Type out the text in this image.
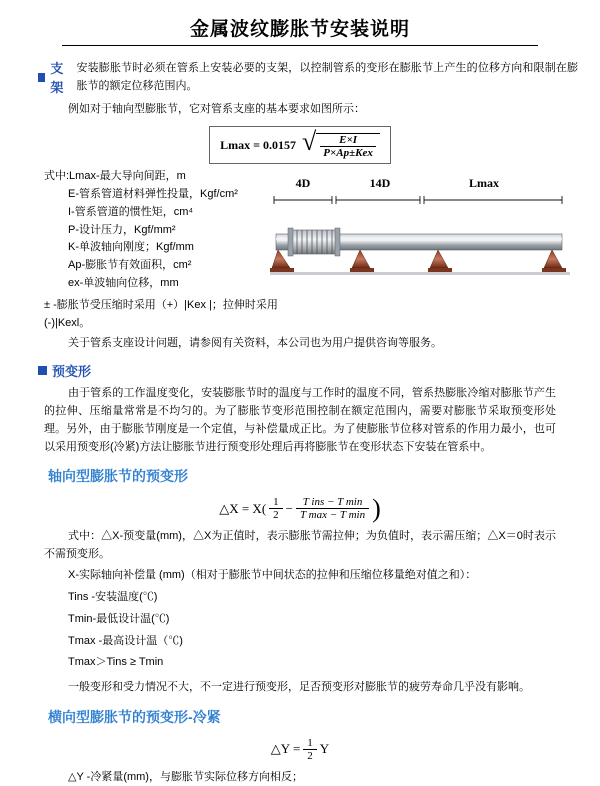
金属波纹膨胀节安装说明
支架
安装膨胀节时必须在管系上安装必要的支架，以控制管系的变形在膨胀节上产生的位移方向和限制在膨胀节的额定位移范围内。
例如对于轴向型膨胀节，它对管系支座的基本要求如图所示：
Lmax = 0.0157 √ $\frac{E\times I}{\text{P×Ap±Kex}}$
式中:Lmax-最大导向间距，m
E-管系管道材料弹性投量，Kgf/cm²
I-管系管道的惯性矩，cm⁴
P-设计压力，Kgf/mm²
K-单波轴向刚度；Kgf/mm
Ap-膨胀节有效面积，cm²
ex-单波轴向位移，mm
± -膨胀节受压缩时采用（+）|Kex |；拉伸时采用(-)|Kexl。
4D	14D	Lmax
关于管系支座设计问题，请参阅有关资料，本公司也为用户提供咨询等服务。
预变形
由于管系的工作温度变化，安装膨胀节时的温度与工作时的温度不同，管系热膨胀冷缩对膨胀节产生的拉伸、压缩量常常是不均匀的。为了膨胀节变形范围控制在额定范围内，需要对膨胀节采取预变形处理。另外，由于膨胀节刚度是一个定值，与补偿量成正比。为了使膨胀节位移对管系的作用力最小，也可以采用预变形(冷紧)方法让膨胀节进行预变形处理后再将膨胀节在变形状态下安装在管系中。
轴向型膨胀节的预变形
△X = $X( \frac{1}{2} - \frac{\text{T ins − T min}}{\text{T max − T min}}$ )
式中：△X-预变量(mm)，△X为正值时，表示膨胀节需拉伸；为负值时，表示需压缩；△X＝0时表示不需预变形。
X-实际轴向补偿量 (mm)（相对于膨胀节中间状态的拉伸和压缩位移量绝对值之和）：
Tins -安装温度(℃)
Tmin-最低设计温(℃)
Tmax -最高设计温（℃)
Tmax＞Tins ≥ Tmin
一般变形和受力情况不大，不一定进行预变形，足否预变形对膨胀节的疲劳寿命几乎没有影响。
横向型膨胀节的预变形-冷紧
△Y = $\frac{1}{2}$ Y
△Y -冷紧量(mm)，与膨胀节实际位移方向相反；
